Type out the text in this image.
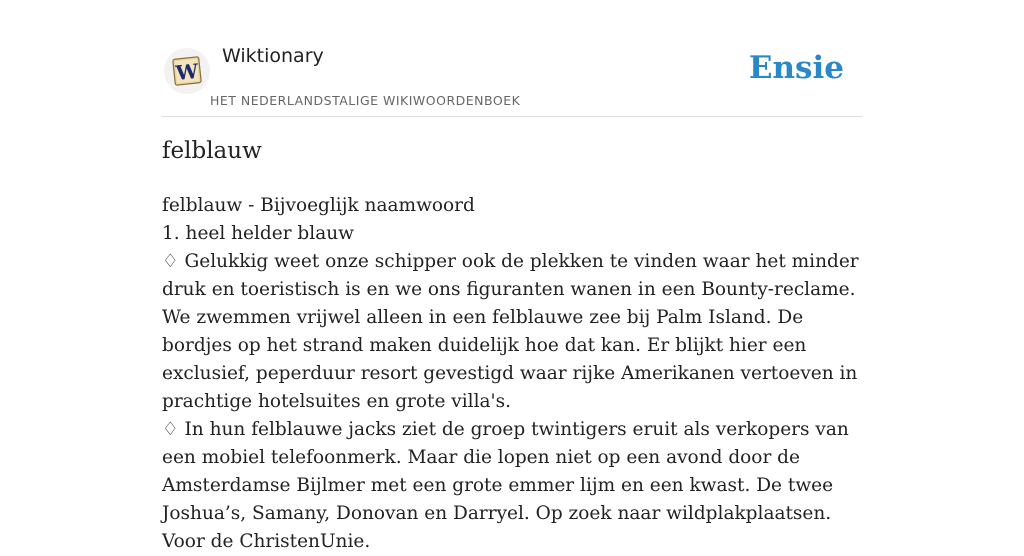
W
Wiktionary
HET NEDERLANDSTALIGE WIKIWOORDENBOEK
Ensie
felblauw

felblauw - Bijvoeglijk naamwoord

1. heel helder blauw

♢ Gelukkig weet onze schipper ook de plekken te vinden waar het minder druk en toeristisch is en we ons figuranten wanen in een Bounty-reclame. We zwemmen vrijwel alleen in een felblauwe zee bij Palm Island. De bordjes op het strand maken duidelijk hoe dat kan. Er blijkt hier een exclusief, peperduur resort gevestigd waar rijke Amerikanen vertoeven in prachtige hotelsuites en grote villa's.

♢ In hun felblauwe jacks ziet de groep twintigers eruit als verkopers van een mobiel telefoonmerk. Maar die lopen niet op een avond door de Amsterdamse Bijlmer met een grote emmer lijm en een kwast. De twee Joshua’s, Samany, Donovan en Darryel. Op zoek naar wildplakplaatsen. Voor de ChristenUnie.
